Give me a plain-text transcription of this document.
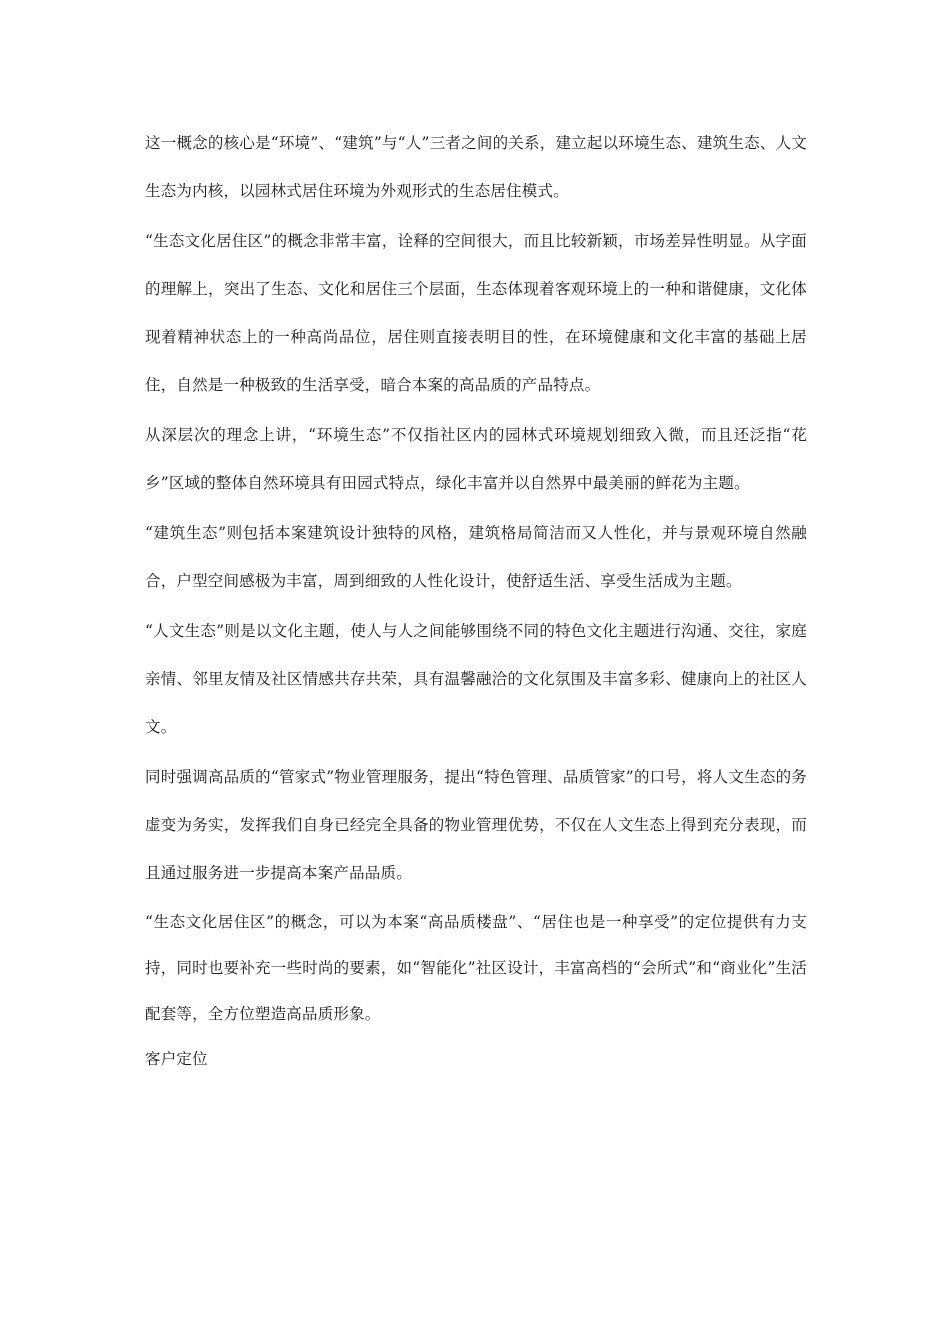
这一概念的核心是“环境”、“建筑”与“人”三者之间的关系，建立起以环境生态、建筑生态、人文生态为内核，以园林式居住环境为外观形式的生态居住模式。

“生态文化居住区”的概念非常丰富，诠释的空间很大，而且比较新颖，市场差异性明显。从字面的理解上，突出了生态、文化和居住三个层面，生态体现着客观环境上的一种和谐健康，文化体现着精神状态上的一种高尚品位，居住则直接表明目的性，在环境健康和文化丰富的基础上居住，自然是一种极致的生活享受，暗合本案的高品质的产品特点。

从深层次的理念上讲，“环境生态”不仅指社区内的园林式环境规划细致入微，而且还泛指“花乡”区域的整体自然环境具有田园式特点，绿化丰富并以自然界中最美丽的鲜花为主题。

“建筑生态”则包括本案建筑设计独特的风格，建筑格局简洁而又人性化，并与景观环境自然融合，户型空间感极为丰富，周到细致的人性化设计，使舒适生活、享受生活成为主题。

“人文生态”则是以文化主题，使人与人之间能够围绕不同的特色文化主题进行沟通、交往，家庭亲情、邻里友情及社区情感共存共荣，具有温馨融洽的文化氛围及丰富多彩、健康向上的社区人文。

同时强调高品质的“管家式”物业管理服务，提出“特色管理、品质管家”的口号，将人文生态的务虚变为务实，发挥我们自身已经完全具备的物业管理优势，不仅在人文生态上得到充分表现，而且通过服务进一步提高本案产品品质。

“生态文化居住区”的概念，可以为本案“高品质楼盘”、“居住也是一种享受”的定位提供有力支持，同时也要补充一些时尚的要素，如“智能化”社区设计，丰富高档的“会所式”和“商业化”生活配套等，全方位塑造高品质形象。

客户定位
